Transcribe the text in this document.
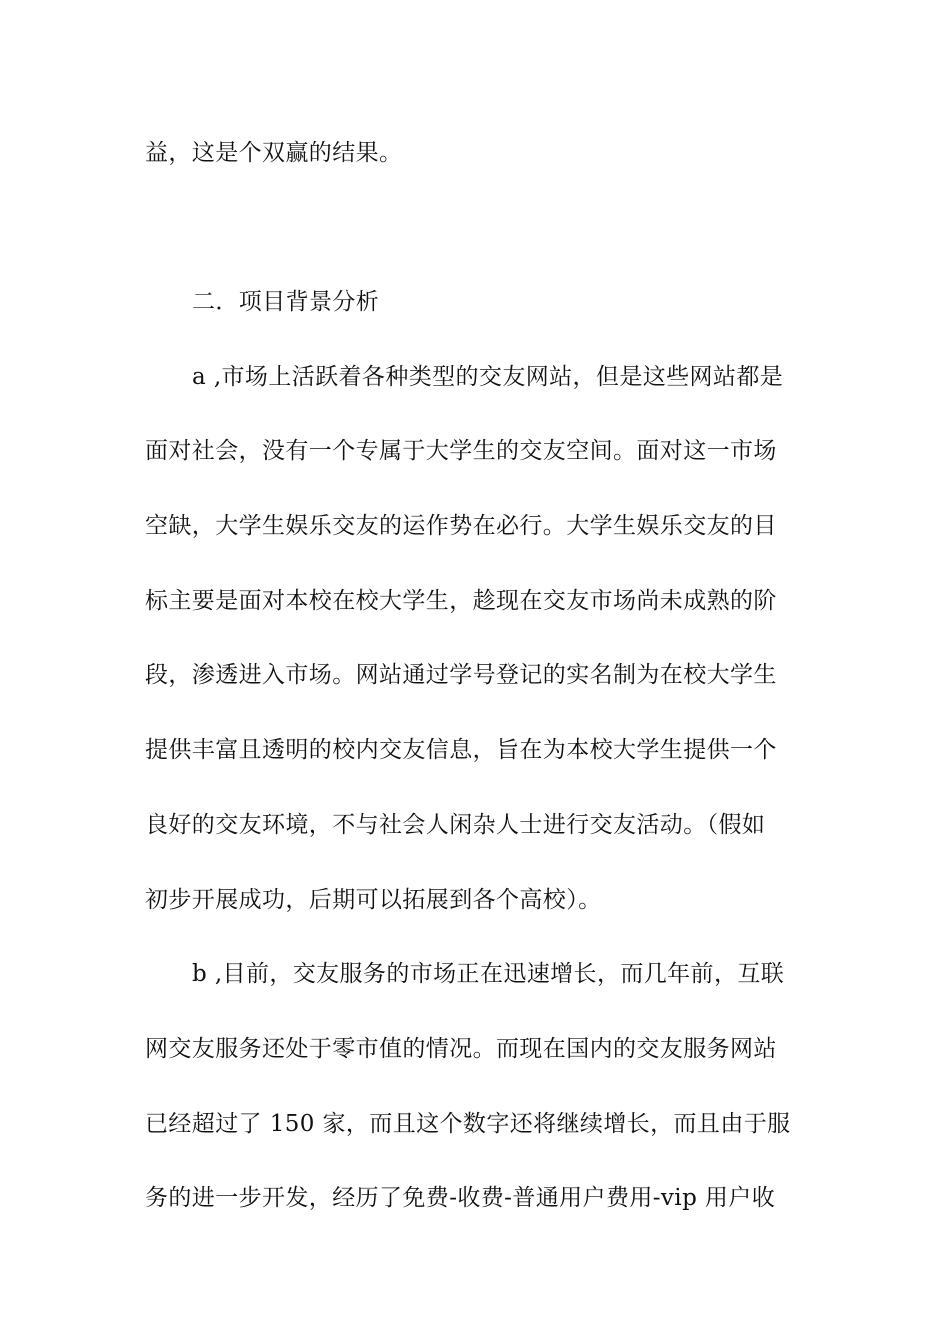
益，这是个双赢的结果。
二．项目背景分析
a ,市场上活跃着各种类型的交友网站，但是这些网站都是
面对社会，没有一个专属于大学生的交友空间。面对这一市场
空缺，大学生娱乐交友的运作势在必行。大学生娱乐交友的目
标主要是面对本校在校大学生，趁现在交友市场尚未成熟的阶
段，渗透进入市场。网站通过学号登记的实名制为在校大学生
提供丰富且透明的校内交友信息，旨在为本校大学生提供一个
良好的交友环境，不与社会人闲杂人士进行交友活动。（假如
初步开展成功，后期可以拓展到各个高校）。
b ,目前，交友服务的市场正在迅速增长，而几年前，互联
网交友服务还处于零市值的情况。而现在国内的交友服务网站
已经超过了 150 家，而且这个数字还将继续增长，而且由于服
务的进一步开发，经历了免费-收费-普通用户费用-vip 用户收
